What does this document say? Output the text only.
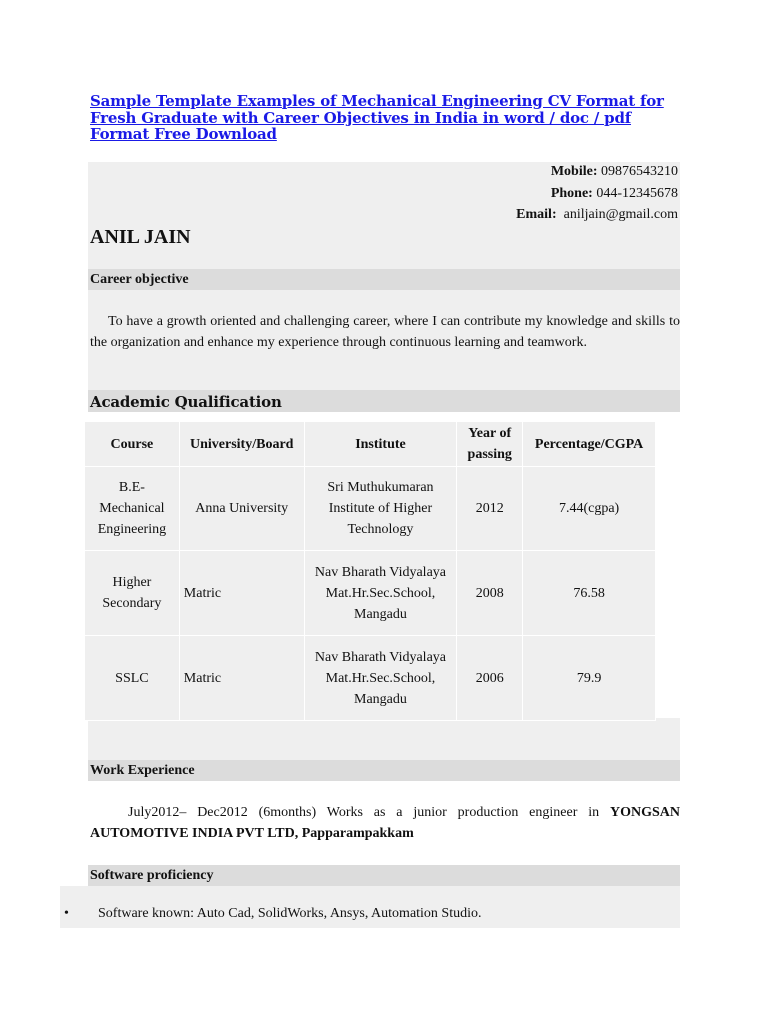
Sample Template Examples of Mechanical Engineering CV Format for Fresh Graduate with Career Objectives in India in word / doc / pdf Format Free Download
Mobile: 09876543210
Phone: 044-12345678
Email: aniljain@gmail.com
ANIL JAIN
Career objective
To have a growth oriented and challenging career, where I can contribute my knowledge and skills to the organization and enhance my experience through continuous learning and teamwork.
Academic Qualification
Course	University/Board	Institute	Year of passing	Percentage/CGPA
B.E-Mechanical Engineering	Anna University	Sri Muthukumaran Institute of Higher Technology	2012	7.44(cgpa)
Higher Secondary	Matric	Nav Bharath Vidyalaya Mat.Hr.Sec.School, Mangadu	2008	76.58
SSLC	Matric	Nav Bharath Vidyalaya Mat.Hr.Sec.School, Mangadu	2006	79.9
Work Experience
July2012– Dec2012 (6months) Works as a junior production engineer in YONGSAN AUTOMOTIVE INDIA PVT LTD, Papparampakkam
Software proficiency
• Software known: Auto Cad, SolidWorks, Ansys, Automation Studio.
